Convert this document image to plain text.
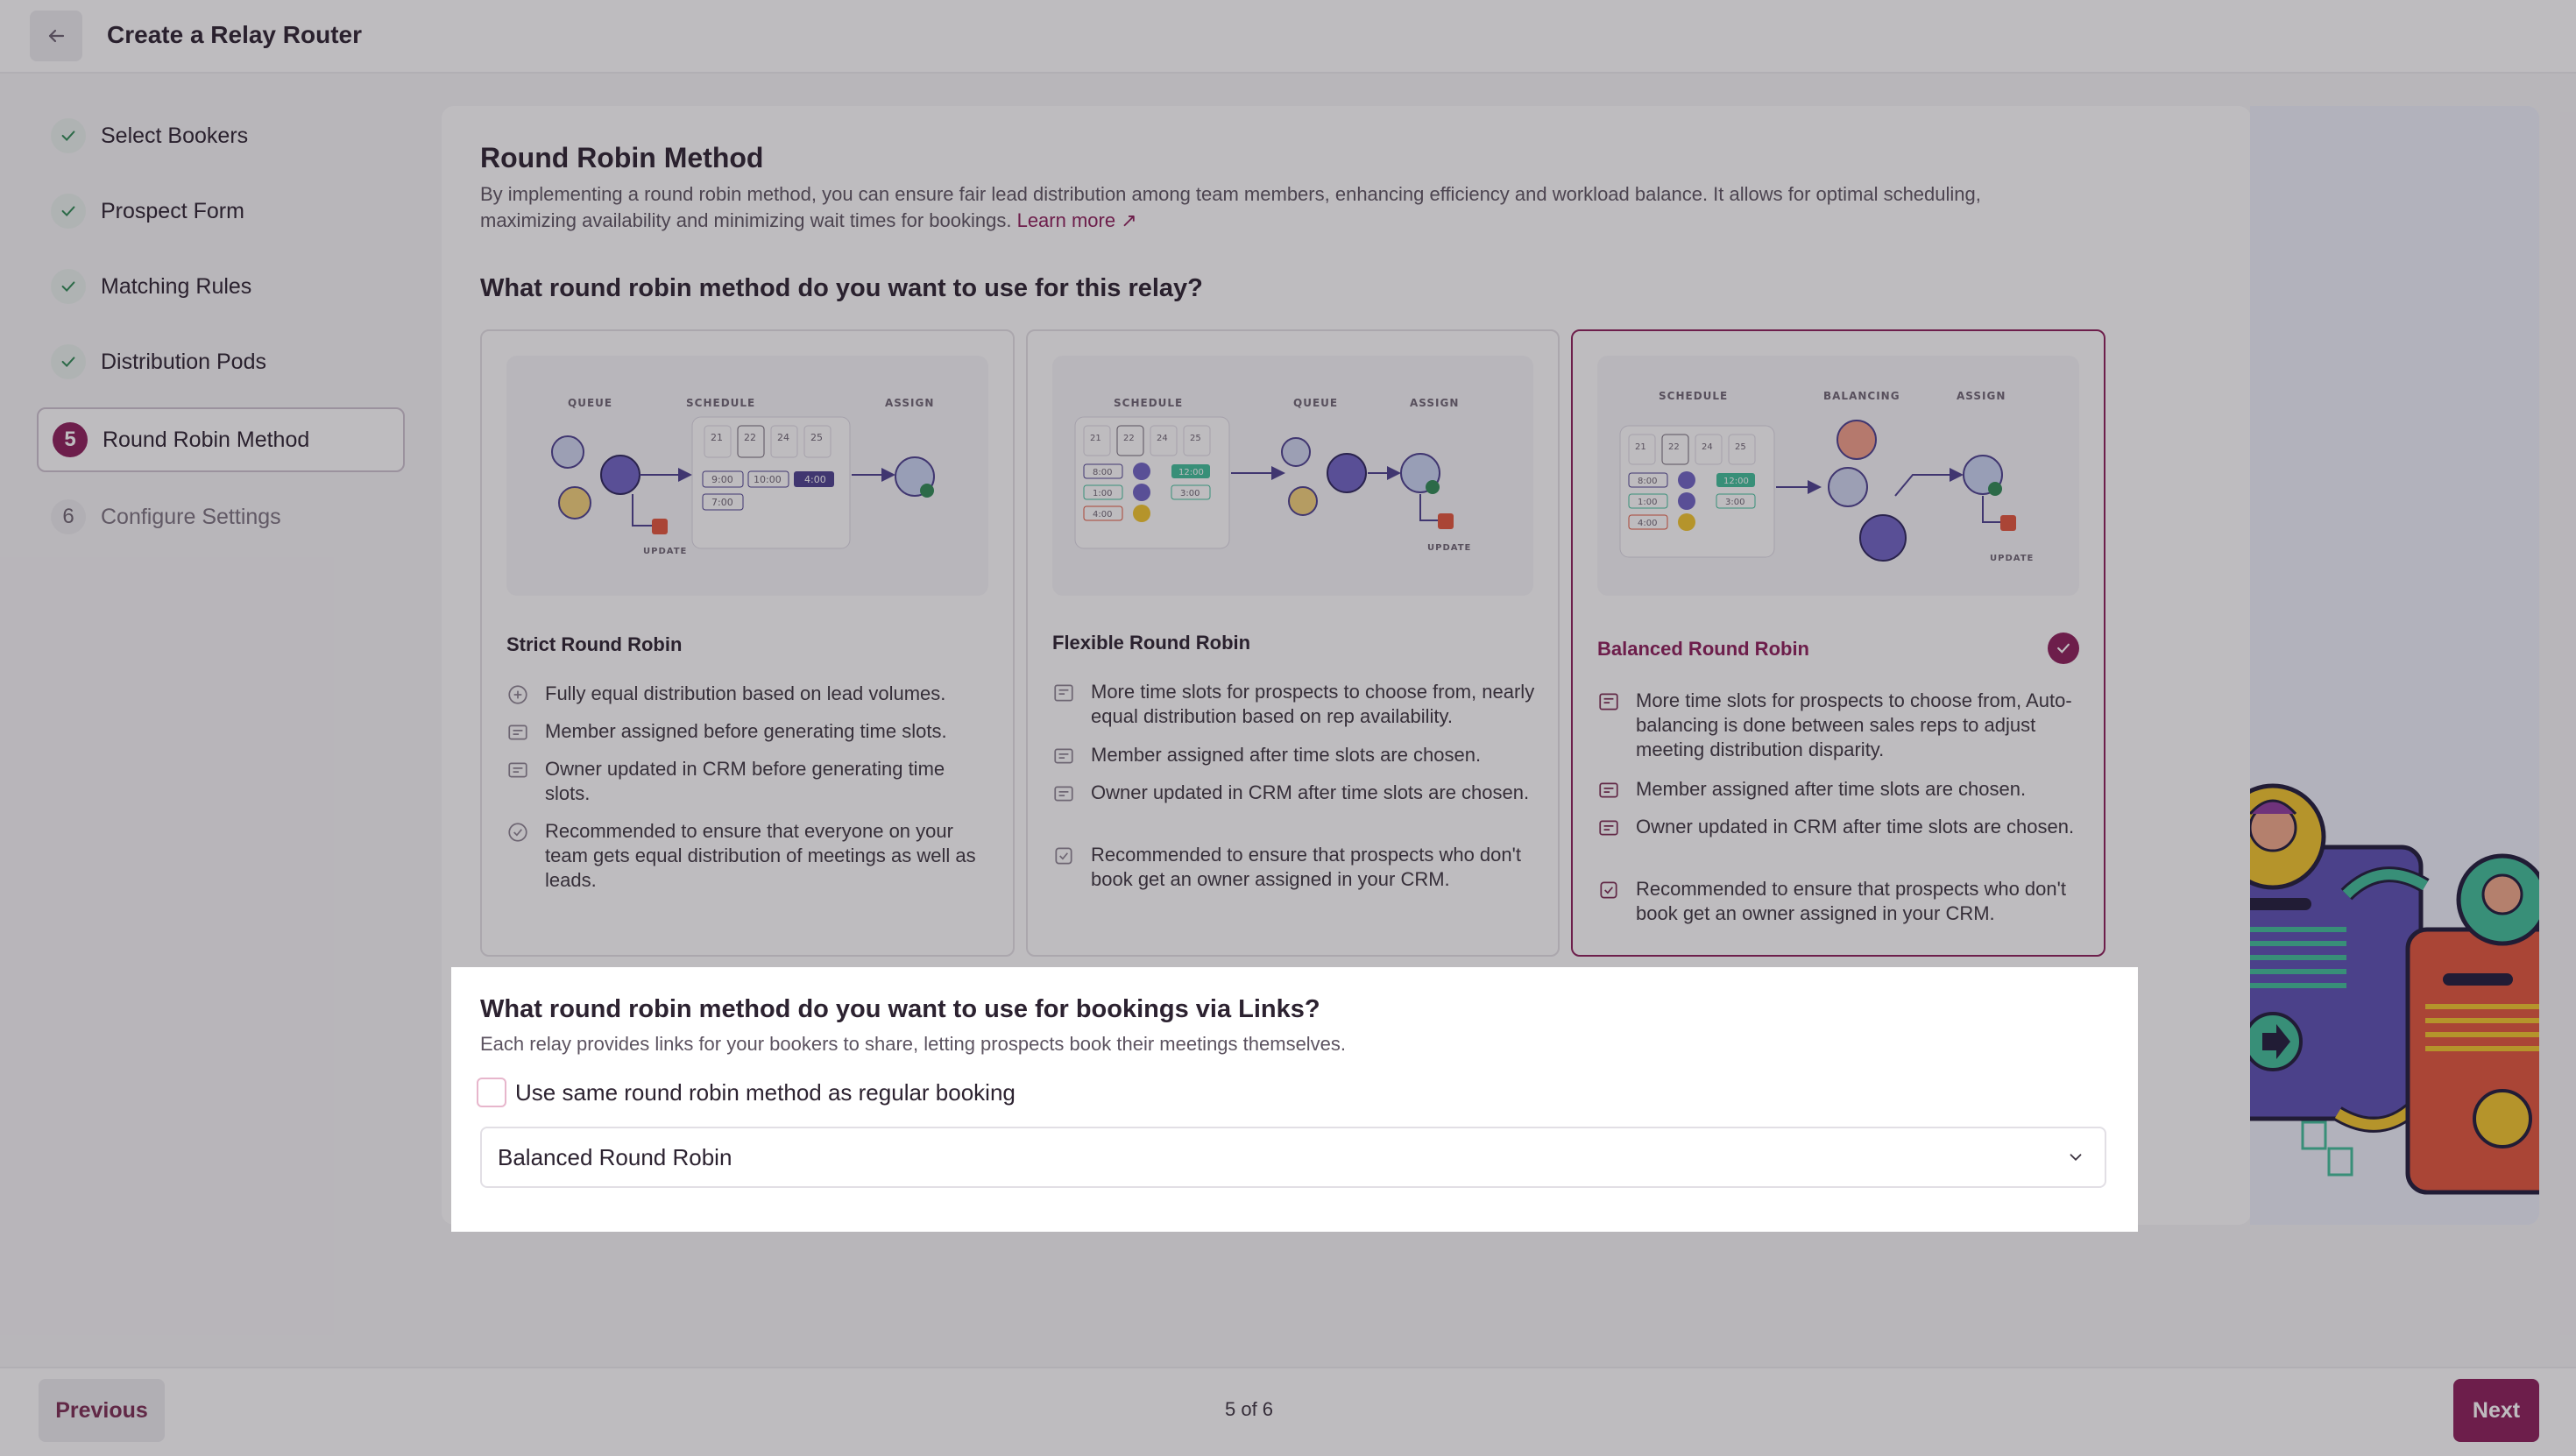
Create a Relay Router
Select Bookers
Prospect Form
Matching Rules
Distribution Pods
5	Round Robin Method
6	Configure Settings
Round Robin Method
By implementing a round robin method, you can ensure fair lead distribution among team members, enhancing efficiency and workload balance. It allows for optimal scheduling, maximizing availability and minimizing wait times for bookings. Learn more ↗
What round robin method do you want to use for this relay?
QUEUE	SCHEDULE	ASSIGN
21 22 24 25
9:00 10:00 4:00
7:00
UPDATE
Strict Round Robin
Fully equal distribution based on lead volumes.
Member assigned before generating time slots.
Owner updated in CRM before generating time slots.
Recommended to ensure that everyone on your team gets equal distribution of meetings as well as leads.
SCHEDULE	QUEUE	ASSIGN
21	22	24	25
8:00	12:00
1:00	3:00
4:00
UPDATE
Flexible Round Robin
More time slots for prospects to choose from, nearly equal distribution based on rep availability.
Member assigned after time slots are chosen.
Owner updated in CRM after time slots are chosen.
Recommended to ensure that prospects who don't book get an owner assigned in your CRM.
SCHEDULE	BALANCING	ASSIGN
21	22	24	25
8:00	12:00
1:00	3:00
4:00
UPDATE
Balanced Round Robin
More time slots for prospects to choose from, Auto-balancing is done between sales reps to adjust meeting distribution disparity.
Member assigned after time slots are chosen.
Owner updated in CRM after time slots are chosen.
Recommended to ensure that prospects who don't book get an owner assigned in your CRM.
Previous	5 of 6	Next
What round robin method do you want to use for bookings via Links?
Each relay provides links for your bookers to share, letting prospects book their meetings themselves.
Use same round robin method as regular booking
Balanced Round Robin
